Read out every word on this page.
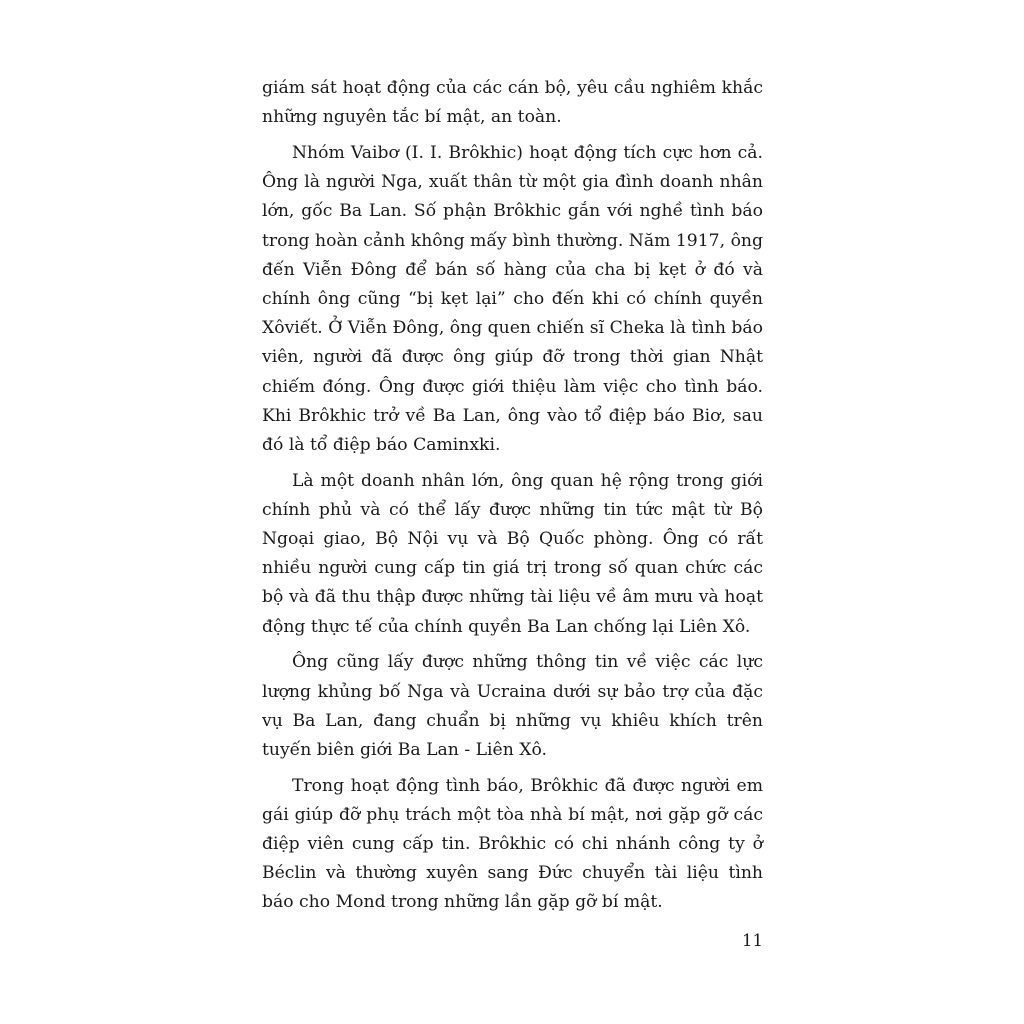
giám sát hoạt động của các cán bộ, yêu cầu nghiêm khắc những nguyên tắc bí mật, an toàn.

Nhóm Vaibơ (I. I. Brôkhic) hoạt động tích cực hơn cả. Ông là người Nga, xuất thân từ một gia đình doanh nhân lớn, gốc Ba Lan. Số phận Brôkhic gắn với nghề tình báo trong hoàn cảnh không mấy bình thường. Năm 1917, ông đến Viễn Đông để bán số hàng của cha bị kẹt ở đó và chính ông cũng “bị kẹt lại” cho đến khi có chính quyền Xôviết. Ở Viễn Đông, ông quen chiến sĩ Cheka là tình báo viên, người đã được ông giúp đỡ trong thời gian Nhật chiếm đóng. Ông được giới thiệu làm việc cho tình báo. Khi Brôkhic trở về Ba Lan, ông vào tổ điệp báo Biơ, sau đó là tổ điệp báo Caminxki.

Là một doanh nhân lớn, ông quan hệ rộng trong giới chính phủ và có thể lấy được những tin tức mật từ Bộ Ngoại giao, Bộ Nội vụ và Bộ Quốc phòng. Ông có rất nhiều người cung cấp tin giá trị trong số quan chức các bộ và đã thu thập được những tài liệu về âm mưu và hoạt động thực tế của chính quyền Ba Lan chống lại Liên Xô.

Ông cũng lấy được những thông tin về việc các lực lượng khủng bố Nga và Ucraina dưới sự bảo trợ của đặc vụ Ba Lan, đang chuẩn bị những vụ khiêu khích trên tuyến biên giới Ba Lan - Liên Xô.

Trong hoạt động tình báo, Brôkhic đã được người em gái giúp đỡ phụ trách một tòa nhà bí mật, nơi gặp gỡ các điệp viên cung cấp tin. Brôkhic có chi nhánh công ty ở Béclin và thường xuyên sang Đức chuyển tài liệu tình báo cho Mond trong những lần gặp gỡ bí mật.

11
